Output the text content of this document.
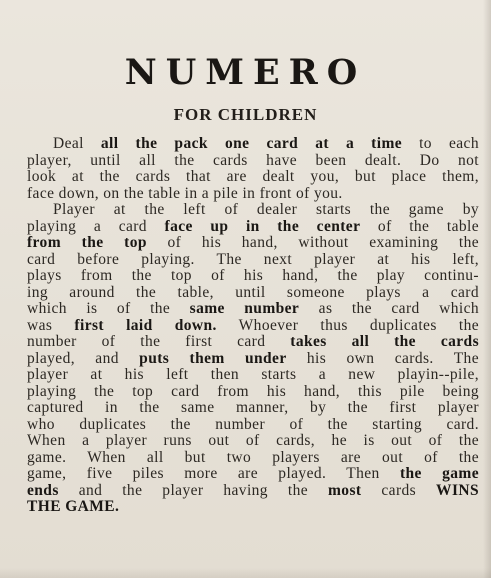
NUMERO
FOR CHILDREN
Deal all the pack one card at a time to each
player, until all the cards have been dealt. Do not
look at the cards that are dealt you, but place them,
face down, on the table in a pile in front of you.
Player at the left of dealer starts the game by
playing a card face up in the center of the table
from the top of his hand, without examining the
card before playing. The next player at his left,
plays from the top of his hand, the play continu-
ing around the table, until someone plays a card
which is of the same number as the card which
was first laid down. Whoever thus duplicates the
number of the first card takes all the cards
played, and puts them under his own cards. The
player at his left then starts a new playin--pile,
playing the top card from his hand, this pile being
captured in the same manner, by the first player
who duplicates the number of the starting card.
When a player runs out of cards, he is out of the
game. When all but two players are out of the
game, five piles more are played. Then the game
ends and the player having the most cards WINS
THE GAME.
